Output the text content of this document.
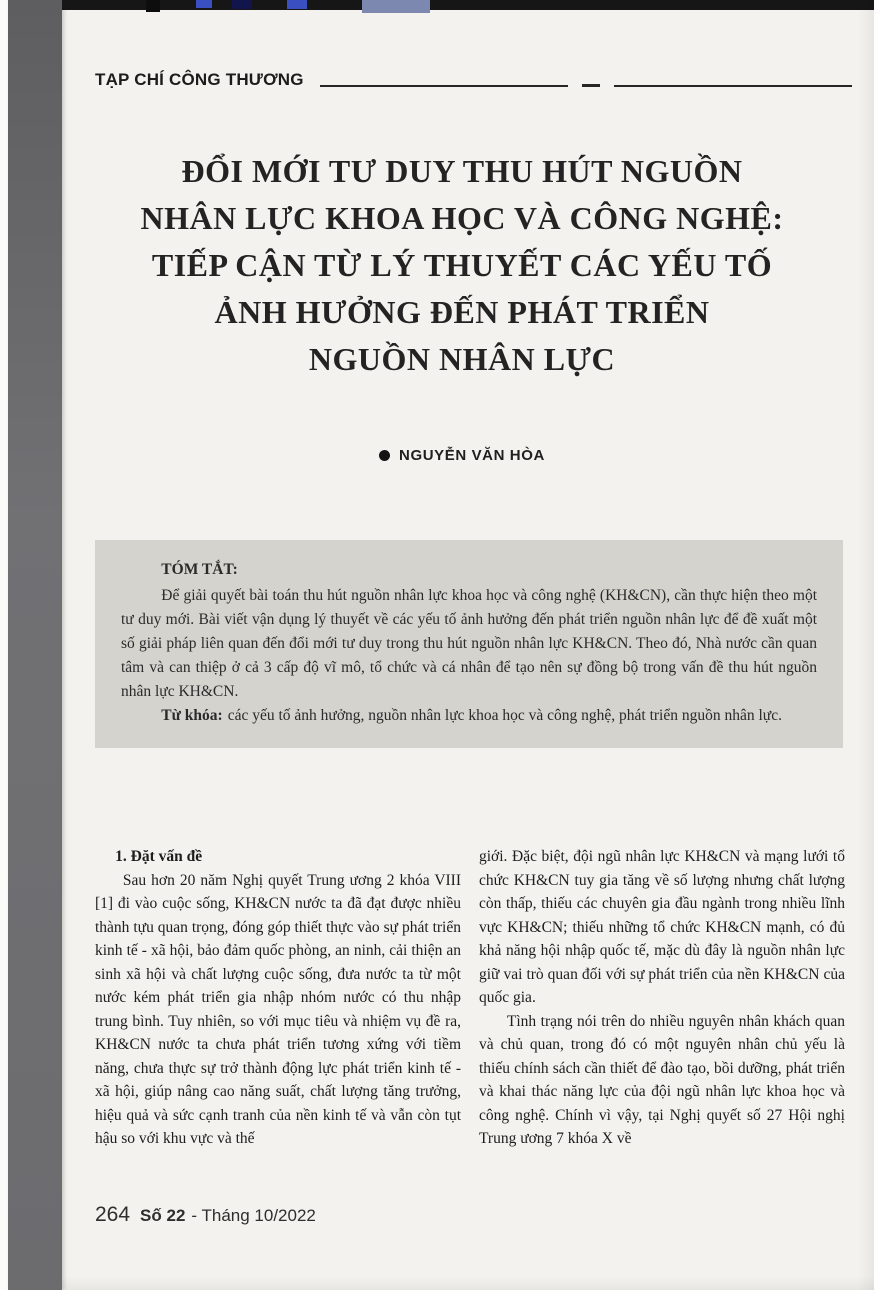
TẠP CHÍ CÔNG THƯƠNG
ĐỔI MỚI TƯ DUY THU HÚT NGUỒN
NHÂN LỰC KHOA HỌC VÀ CÔNG NGHỆ:
TIẾP CẬN TỪ LÝ THUYẾT CÁC YẾU TỐ
ẢNH HƯỞNG ĐẾN PHÁT TRIỂN
NGUỒN NHÂN LỰC
NGUYỄN VĂN HÒA
TÓM TẮT:

Để giải quyết bài toán thu hút nguồn nhân lực khoa học và công nghệ (KH&CN), cần thực hiện theo một tư duy mới. Bài viết vận dụng lý thuyết về các yếu tố ảnh hưởng đến phát triển nguồn nhân lực để đề xuất một số giải pháp liên quan đến đổi mới tư duy trong thu hút nguồn nhân lực KH&CN. Theo đó, Nhà nước cần quan tâm và can thiệp ở cả 3 cấp độ vĩ mô, tổ chức và cá nhân để tạo nên sự đồng bộ trong vấn đề thu hút nguồn nhân lực KH&CN.

Từ khóa: các yếu tố ảnh hưởng, nguồn nhân lực khoa học và công nghệ, phát triển nguồn nhân lực.

1. Đặt vấn đề

Sau hơn 20 năm Nghị quyết Trung ương 2 khóa VIII [1] đi vào cuộc sống, KH&CN nước ta đã đạt được nhiều thành tựu quan trọng, đóng góp thiết thực vào sự phát triển kinh tế - xã hội, bảo đảm quốc phòng, an ninh, cải thiện an sinh xã hội và chất lượng cuộc sống, đưa nước ta từ một nước kém phát triển gia nhập nhóm nước có thu nhập trung bình. Tuy nhiên, so với mục tiêu và nhiệm vụ đề ra, KH&CN nước ta chưa phát triển tương xứng với tiềm năng, chưa thực sự trở thành động lực phát triển kinh tế - xã hội, giúp nâng cao năng suất, chất lượng tăng trưởng, hiệu quả và sức cạnh tranh của nền kinh tế và vẫn còn tụt hậu so với khu vực và thế

giới. Đặc biệt, đội ngũ nhân lực KH&CN và mạng lưới tổ chức KH&CN tuy gia tăng về số lượng nhưng chất lượng còn thấp, thiếu các chuyên gia đầu ngành trong nhiều lĩnh vực KH&CN; thiếu những tổ chức KH&CN mạnh, có đủ khả năng hội nhập quốc tế, mặc dù đây là nguồn nhân lực giữ vai trò quan đối với sự phát triển của nền KH&CN của quốc gia.

Tình trạng nói trên do nhiều nguyên nhân khách quan và chủ quan, trong đó có một nguyên nhân chủ yếu là thiếu chính sách cần thiết để đào tạo, bồi dưỡng, phát triển và khai thác năng lực của đội ngũ nhân lực khoa học và công nghệ. Chính vì vậy, tại Nghị quyết số 27 Hội nghị Trung ương 7 khóa X về

264 Số 22 - Tháng 10/2022
